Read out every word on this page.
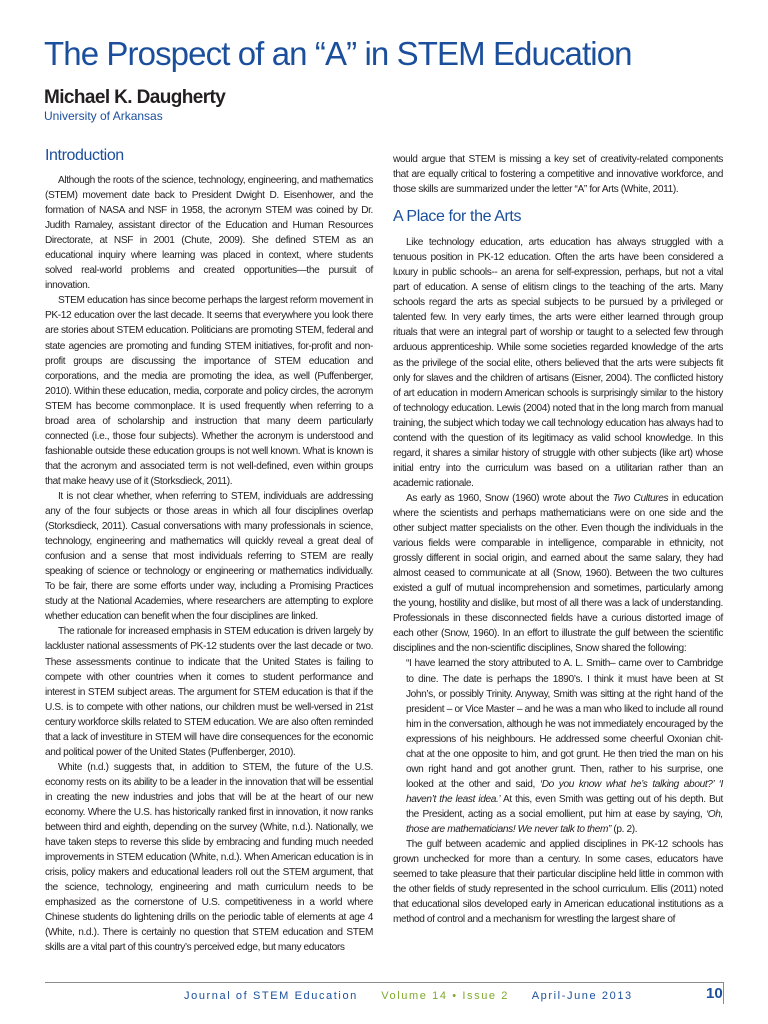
The Prospect of an “A” in STEM Education
Michael K. Daugherty
University of Arkansas
Introduction

Although the roots of the science, technology, engineering, and mathematics (STEM) movement date back to President Dwight D. Eisenhower, and the formation of NASA and NSF in 1958, the acronym STEM was coined by Dr. Judith Ramaley, assistant director of the Education and Human Resources Directorate, at NSF in 2001 (Chute, 2009). She defined STEM as an educational inquiry where learning was placed in context, where students solved real-world problems and created opportunities—the pursuit of innovation.

STEM education has since become perhaps the largest reform movement in PK-12 education over the last decade. It seems that everywhere you look there are stories about STEM education. Politicians are promoting STEM, federal and state agencies are promoting and funding STEM initiatives, for-profit and non-profit groups are discussing the importance of STEM education and corporations, and the media are promoting the idea, as well (Puffenberger, 2010). Within these education, media, corporate and policy circles, the acronym STEM has become commonplace. It is used frequently when referring to a broad area of scholarship and instruction that many deem particularly connected (i.e., those four subjects). Whether the acronym is understood and fashionable outside these education groups is not well known. What is known is that the acronym and associated term is not well-defined, even within groups that make heavy use of it (Storksdieck, 2011).

It is not clear whether, when referring to STEM, individuals are addressing any of the four subjects or those areas in which all four disciplines overlap (Storksdieck, 2011). Casual conversations with many professionals in science, technology, engineering and mathematics will quickly reveal a great deal of confusion and a sense that most individuals referring to STEM are really speaking of science or technology or engineering or mathematics individually. To be fair, there are some efforts under way, including a Promising Practices study at the National Academies, where researchers are attempting to explore whether education can benefit when the four disciplines are linked.

The rationale for increased emphasis in STEM education is driven largely by lackluster national assessments of PK-12 students over the last decade or two. These assessments continue to indicate that the United States is failing to compete with other countries when it comes to student performance and interest in STEM subject areas. The argument for STEM education is that if the U.S. is to compete with other nations, our children must be well-versed in 21st century workforce skills related to STEM education. We are also often reminded that a lack of investiture in STEM will have dire consequences for the economic and political power of the United States (Puffenberger, 2010).

White (n.d.) suggests that, in addition to STEM, the future of the U.S. economy rests on its ability to be a leader in the innovation that will be essential in creating the new industries and jobs that will be at the heart of our new economy. Where the U.S. has historically ranked first in innovation, it now ranks between third and eighth, depending on the survey (White, n.d.). Nationally, we have taken steps to reverse this slide by embracing and funding much needed improvements in STEM education (White, n.d.). When American education is in crisis, policy makers and educational leaders roll out the STEM argument, that the science, technology, engineering and math curriculum needs to be emphasized as the cornerstone of U.S. competitiveness in a world where Chinese students do lightening drills on the periodic table of elements at age 4 (White, n.d.). There is certainly no question that STEM education and STEM skills are a vital part of this country’s perceived edge, but many educators

would argue that STEM is missing a key set of creativity-related components that are equally critical to fostering a competitive and innovative workforce, and those skills are summarized under the letter “A” for Arts (White, 2011).

A Place for the Arts

Like technology education, arts education has always struggled with a tenuous position in PK-12 education. Often the arts have been considered a luxury in public schools-- an arena for self-expression, perhaps, but not a vital part of education. A sense of elitism clings to the teaching of the arts. Many schools regard the arts as special subjects to be pursued by a privileged or talented few. In very early times, the arts were either learned through group rituals that were an integral part of worship or taught to a selected few through arduous apprenticeship. While some societies regarded knowledge of the arts as the privilege of the social elite, others believed that the arts were subjects fit only for slaves and the children of artisans (Eisner, 2004). The conflicted history of art education in modern American schools is surprisingly similar to the history of technology education. Lewis (2004) noted that in the long march from manual training, the subject which today we call technology education has always had to contend with the question of its legitimacy as valid school knowledge. In this regard, it shares a similar history of struggle with other subjects (like art) whose initial entry into the curriculum was based on a utilitarian rather than an academic rationale.

As early as 1960, Snow (1960) wrote about the Two Cultures in education where the scientists and perhaps mathematicians were on one side and the other subject matter specialists on the other. Even though the individuals in the various fields were comparable in intelligence, comparable in ethnicity, not grossly different in social origin, and earned about the same salary, they had almost ceased to communicate at all (Snow, 1960). Between the two cultures existed a gulf of mutual incomprehension and sometimes, particularly among the young, hostility and dislike, but most of all there was a lack of understanding. Professionals in these disconnected fields have a curious distorted image of each other (Snow, 1960). In an effort to illustrate the gulf between the scientific disciplines and the non-scientific disciplines, Snow shared the following:

“I have learned the story attributed to A. L. Smith– came over to Cambridge to dine. The date is perhaps the 1890’s. I think it must have been at St John’s, or possibly Trinity. Anyway, Smith was sitting at the right hand of the president – or Vice Master – and he was a man who liked to include all round him in the conversation, although he was not immediately encouraged by the expressions of his neighbours. He addressed some cheerful Oxonian chit-chat at the one opposite to him, and got grunt. He then tried the man on his own right hand and got another grunt. Then, rather to his surprise, one looked at the other and said, ‘Do you know what he’s talking about?’ ‘I haven’t the least idea.’ At this, even Smith was getting out of his depth. But the President, acting as a social emollient, put him at ease by saying, ‘Oh, those are mathematicians! We never talk to them” (p. 2).

The gulf between academic and applied disciplines in PK-12 schools has grown unchecked for more than a century. In some cases, educators have seemed to take pleasure that their particular discipline held little in common with the other fields of study represented in the school curriculum. Ellis (2011) noted that educational silos developed early in American educational institutions as a method of control and a mechanism for wrestling the largest share of

Journal of STEM Education Volume 14 • Issue 2 April-June 2013	10
